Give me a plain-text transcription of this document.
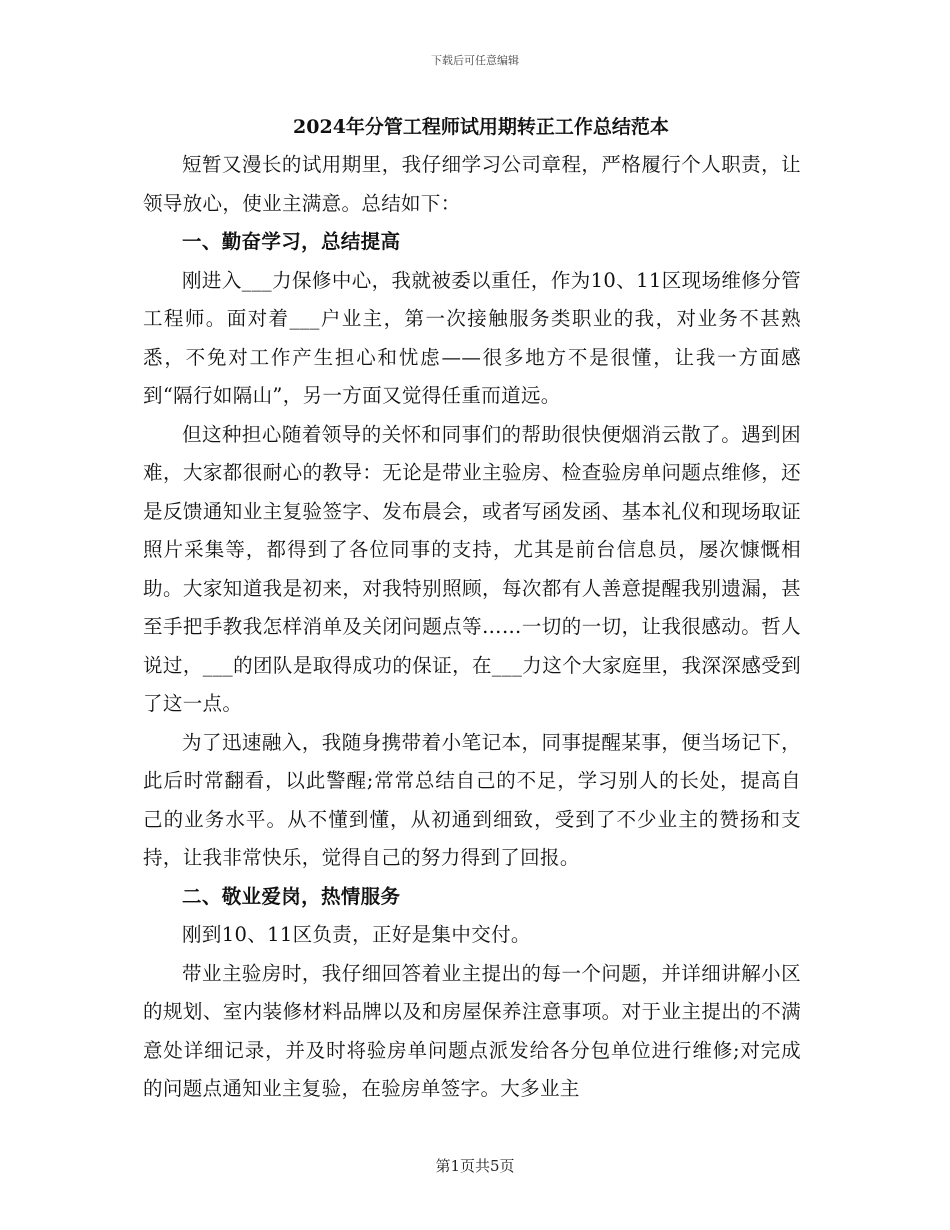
下载后可任意编辑
2024年分管工程师试用期转正工作总结范本

短暂又漫长的试用期里，我仔细学习公司章程，严格履行个人职责，让领导放心，使业主满意。总结如下：

一、勤奋学习，总结提高

刚进入___力保修中心，我就被委以重任，作为10、11区现场维修分管工程师。面对着___户业主，第一次接触服务类职业的我，对业务不甚熟悉，不免对工作产生担心和忧虑——很多地方不是很懂，让我一方面感到“隔行如隔山”，另一方面又觉得任重而道远。

但这种担心随着领导的关怀和同事们的帮助很快便烟消云散了。遇到困难，大家都很耐心的教导：无论是带业主验房、检查验房单问题点维修，还是反馈通知业主复验签字、发布晨会，或者写函发函、基本礼仪和现场取证照片采集等，都得到了各位同事的支持，尤其是前台信息员，屡次慷慨相助。大家知道我是初来，对我特别照顾，每次都有人善意提醒我别遗漏，甚至手把手教我怎样消单及关闭问题点等……一切的一切，让我很感动。哲人说过，___的团队是取得成功的保证，在___力这个大家庭里，我深深感受到了这一点。

为了迅速融入，我随身携带着小笔记本，同事提醒某事，便当场记下，此后时常翻看，以此警醒;常常总结自己的不足，学习别人的长处，提高自己的业务水平。从不懂到懂，从初通到细致，受到了不少业主的赞扬和支持，让我非常快乐，觉得自己的努力得到了回报。

二、敬业爱岗，热情服务

刚到10、11区负责，正好是集中交付。

带业主验房时，我仔细回答着业主提出的每一个问题，并详细讲解小区的规划、室内装修材料品牌以及和房屋保养注意事项。对于业主提出的不满意处详细记录，并及时将验房单问题点派发给各分包单位进行维修;对完成的问题点通知业主复验，在验房单签字。大多业主

第1页共5页
